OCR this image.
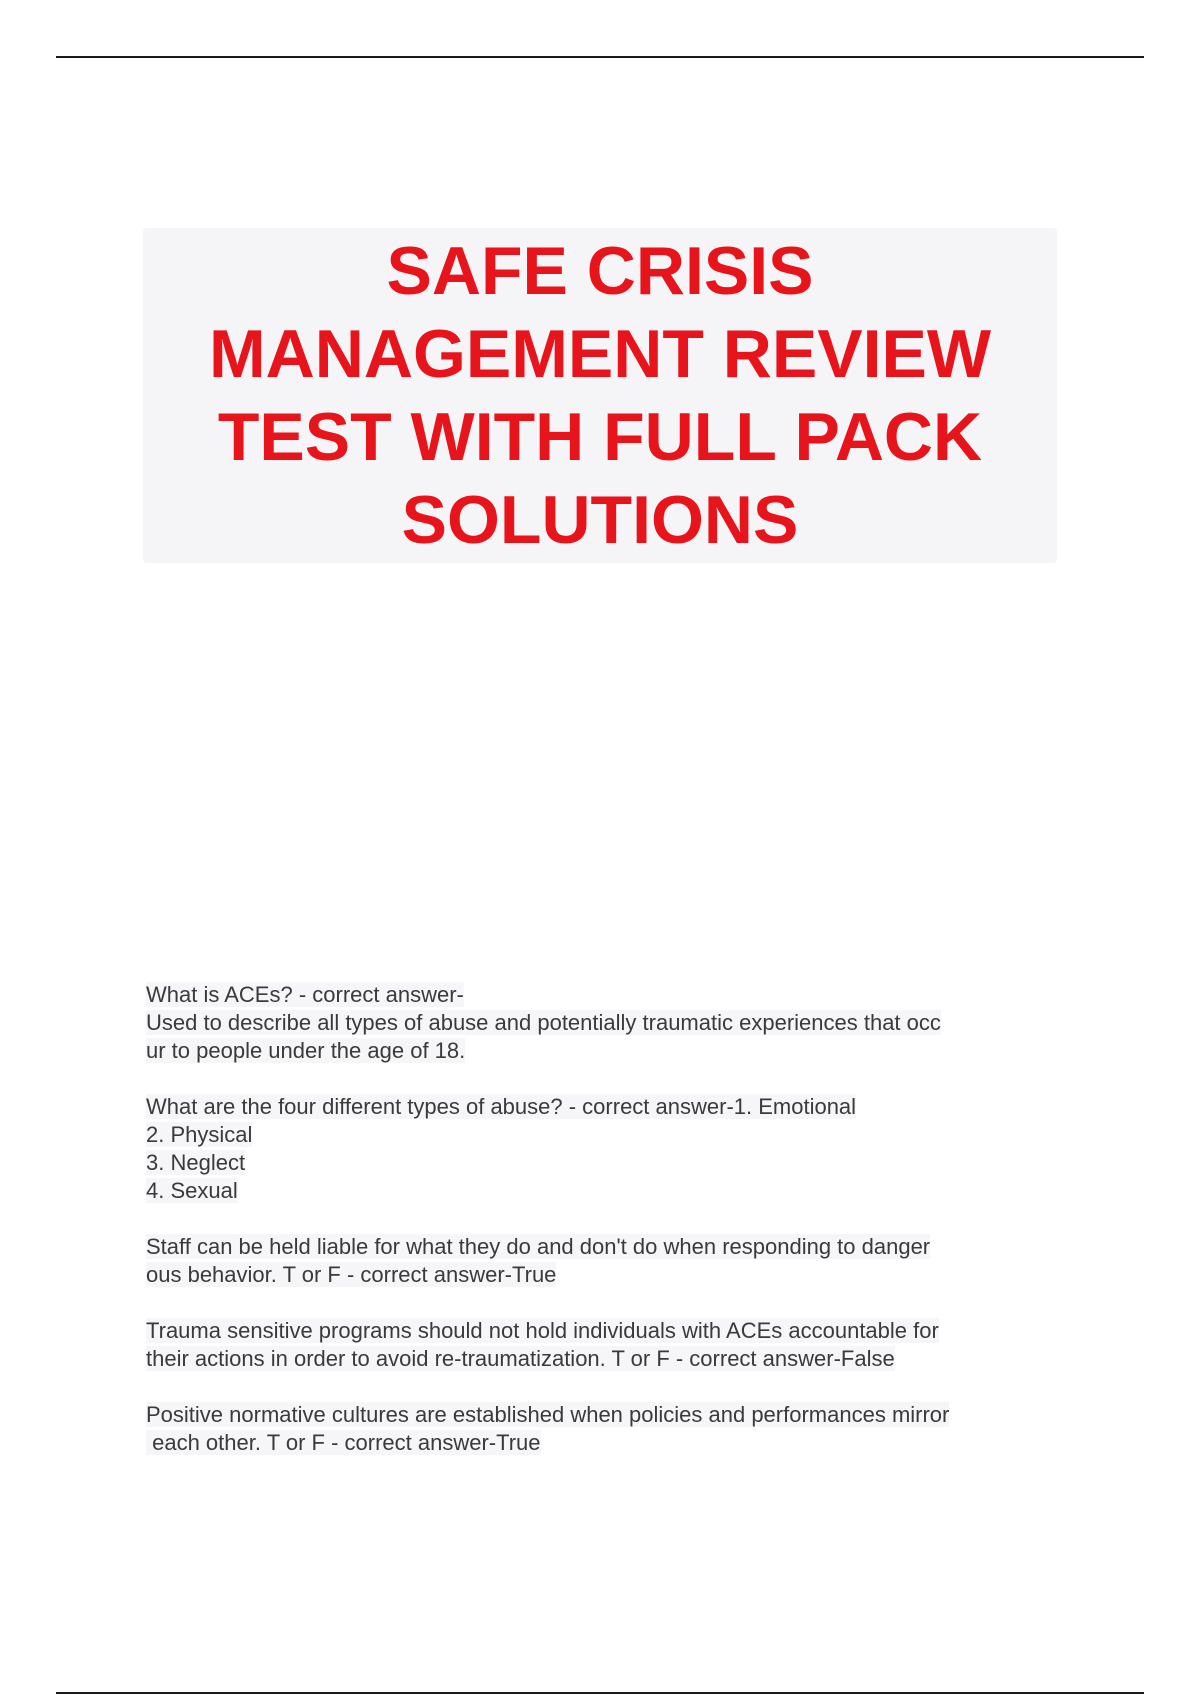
SAFE CRISIS MANAGEMENT REVIEW TEST WITH FULL PACK SOLUTIONS
What is ACEs? - correct answer-
Used to describe all types of abuse and potentially traumatic experiences that occ
ur to people under the age of 18.
What are the four different types of abuse? - correct answer-1. Emotional
2. Physical
3. Neglect
4. Sexual
Staff can be held liable for what they do and don't do when responding to danger
ous behavior. T or F - correct answer-True
Trauma sensitive programs should not hold individuals with ACEs accountable for
their actions in order to avoid re-traumatization. T or F - correct answer-False
Positive normative cultures are established when policies and performances mirror
each other. T or F - correct answer-True
